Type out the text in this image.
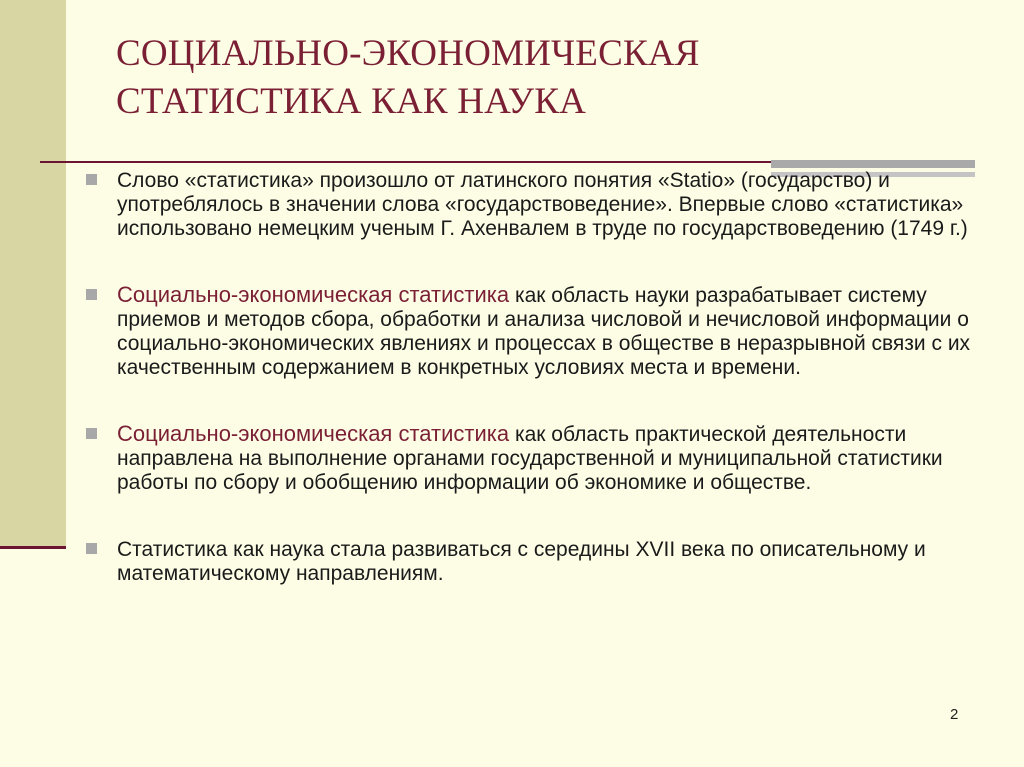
СОЦИАЛЬНО-ЭКОНОМИЧЕСКАЯ
СТАТИСТИКА КАК НАУКА
Слово «статистика» произошло от латинского понятия «Statio» (государство) и употреблялось в значении слова «государствоведение». Впервые слово «статистика» использовано немецким ученым Г. Ахенвалем в труде по государствоведению (1749 г.)
Социально-экономическая статистика как область науки разрабатывает систему приемов и методов сбора, обработки и анализа числовой и нечисловой информации о социально-экономических явлениях и процессах в обществе в неразрывной связи с их качественным содержанием в конкретных условиях места и времени.
Социально-экономическая статистика как область практической деятельности направлена на выполнение органами государственной и муниципальной статистики работы по сбору и обобщению информации об экономике и обществе.
Статистика как наука стала развиваться с середины XVII века по описательному и математическому направлениям.
2
